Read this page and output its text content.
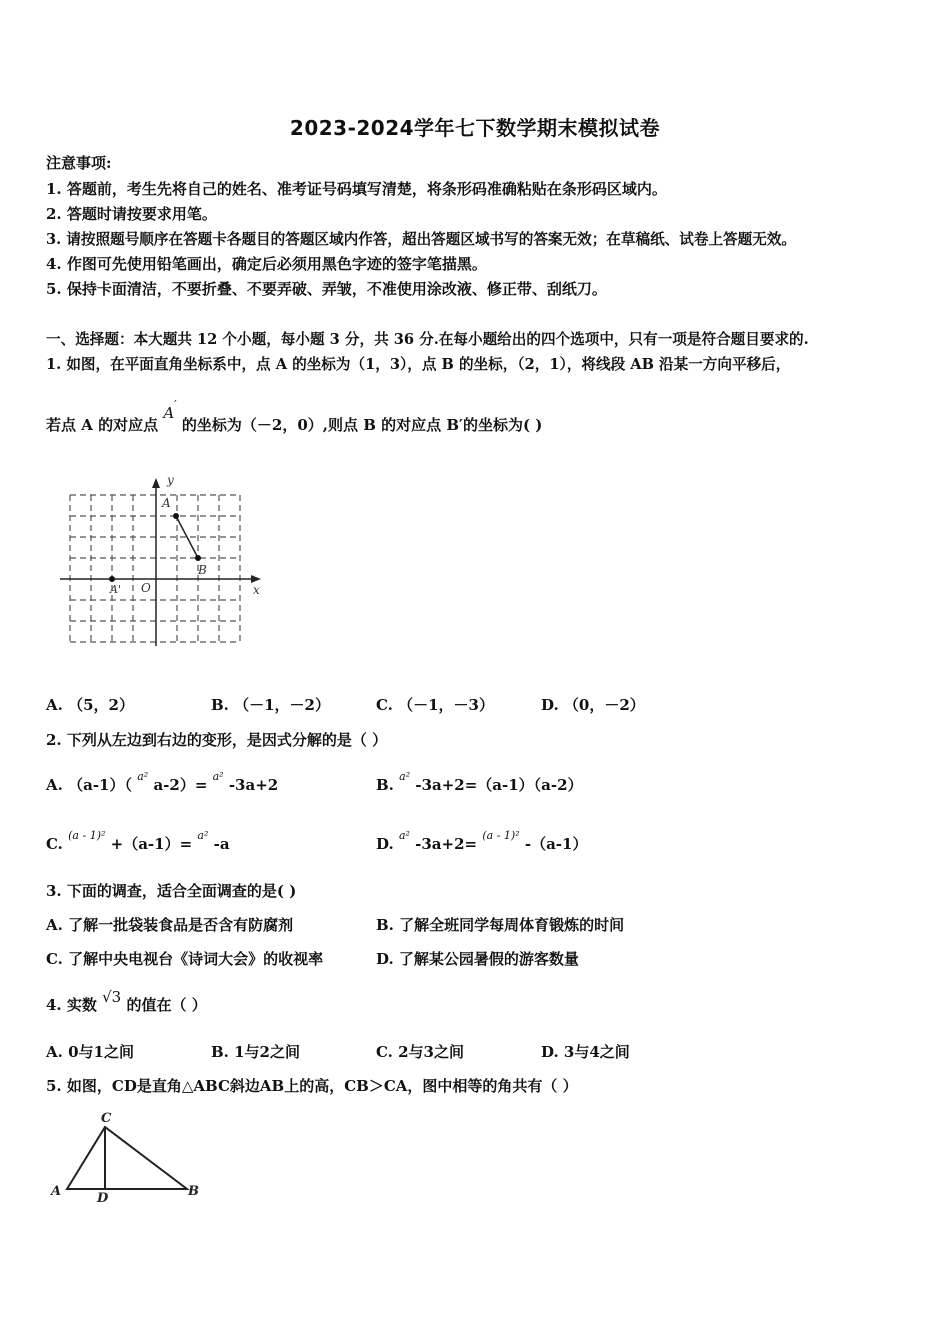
2023-2024学年七下数学期末模拟试卷
注意事项:
1. 答题前，考生先将自己的姓名、准考证号码填写清楚，将条形码准确粘贴在条形码区域内。
2. 答题时请按要求用笔。
3. 请按照题号顺序在答题卡各题目的答题区域内作答，超出答题区域书写的答案无效；在草稿纸、试卷上答题无效。
4. 作图可先使用铅笔画出，确定后必须用黑色字迹的签字笔描黑。
5. 保持卡面清洁，不要折叠、不要弄破、弄皱，不准使用涂改液、修正带、刮纸刀。
一、选择题：本大题共 12 个小题，每小题 3 分，共 36 分.在每小题给出的四个选项中，只有一项是符合题目要求的.
1. 如图，在平面直角坐标系中，点 A 的坐标为（1，3），点 B 的坐标，（2，1），将线段 AB 沿某一方向平移后，
若点 A 的对应点 A′ 的坐标为（－2，0）,则点 B 的对应点 B′的坐标为( )
y
x
A
B
O
A'
A. （5，2）	B. （－1，－2）	C. （－1，－3）	D. （0，－2）
2. 下列从左边到右边的变形，是因式分解的是（ ）
A. （a-1）（ $^{a^2}$ a-2）= $^{a^2}$ -3a+2	B. $^{a^2}$ -3a+2=（a-1）（a-2）
C. $^{(a - 1)^2}$ +（a-1）= $^{a^2}$ -a	D. $^{a^2}$ -3a+2= $^{(a - 1)^2}$ -（a-1）
3. 下面的调查，适合全面调查的是( )
A. 了解一批袋装食品是否含有防腐剂	B. 了解全班同学每周体育锻炼的时间
C. 了解中央电视台《诗词大会》的收视率	D. 了解某公园暑假的游客数量
4. 实数 √3 的值在（ ）
A. 0与1之间	B. 1与2之间	C. 2与3之间	D. 3与4之间
5. 如图，CD是直角△ABC斜边AB上的高，CB＞CA，图中相等的角共有（ ）
C
A	D	B
